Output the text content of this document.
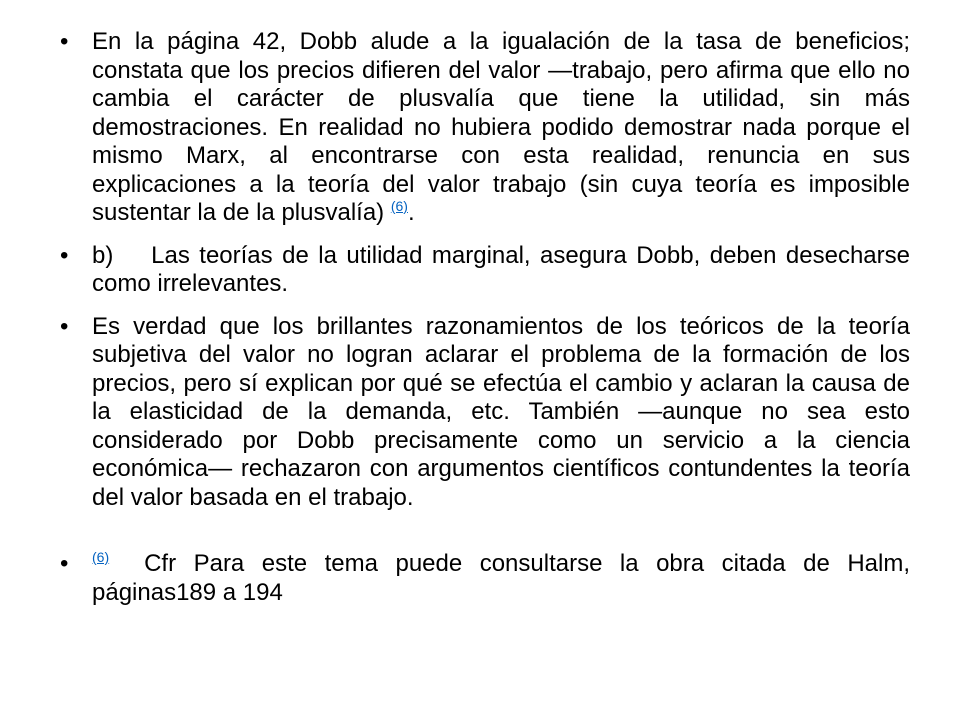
• En la página 42, Dobb alude a la igualación de la tasa de beneficios; constata que los precios difieren del valor —trabajo, pero afirma que ello no cambia el carácter de plusvalía que tiene la utilidad, sin más demostraciones. En realidad no hubiera podido demostrar nada porque el mismo Marx, al encontrarse con esta realidad, renuncia en sus explicaciones a la teoría del valor trabajo (sin cuya teoría es imposible sustentar la de la plusvalía) $^{(6)}$.
• b)    Las teorías de la utilidad marginal, asegura Dobb, deben desecharse como irrelevantes.
• Es verdad que los brillantes razonamientos de los teóricos de la teoría subjetiva del valor no logran aclarar el problema de la formación de los precios, pero sí explican por qué se efectúa el cambio y aclaran la causa de la elasticidad de la demanda, etc. También —aunque no sea esto considerado por Dobb precisamente como un servicio a la ciencia económica— rechazaron con argumentos científicos contundentes la teoría del valor basada en el trabajo.
• $^{(6)}$  Cfr Para este tema puede consultarse la obra citada de Halm, páginas189 a 194
